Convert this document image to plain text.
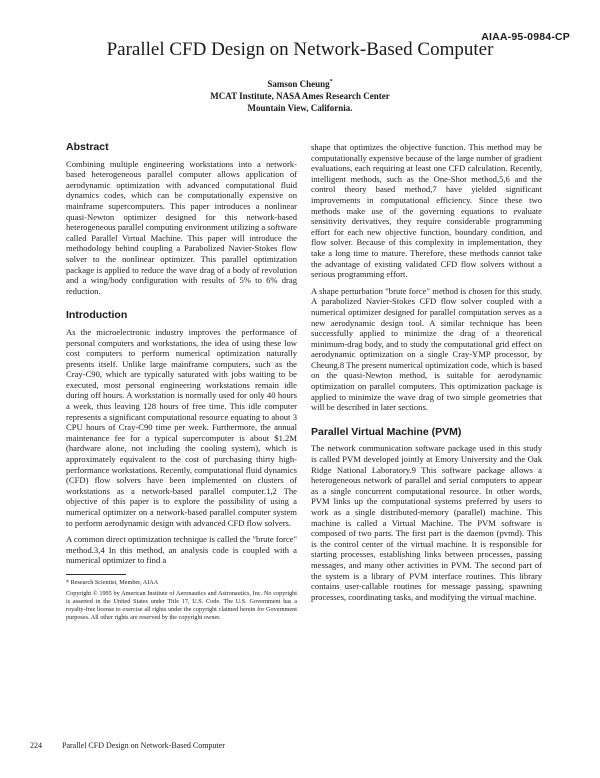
AIAA-95-0984-CP
Parallel CFD Design on Network-Based Computer
Samson Cheung*
MCAT Institute, NASA Ames Research Center
Mountain View, California.
Abstract
Combining multiple engineering workstations into a network-based heterogeneous parallel computer allows application of aerodynamic optimization with advanced computational fluid dynamics codes, which can be computationally expensive on mainframe supercomputers. This paper introduces a nonlinear quasi-Newton optimizer designed for this network-based heterogeneous parallel computing environment utilizing a software called Parallel Virtual Machine. This paper will introduce the methodology behind coupling a Parabolized Navier-Stokes flow solver to the nonlinear optimizer. This parallel optimization package is applied to reduce the wave drag of a body of revolution and a wing/body configuration with results of 5% to 6% drag reduction.
Introduction
As the microelectronic industry improves the performance of personal computers and workstations, the idea of using these low cost computers to perform numerical optimization naturally presents itself. Unlike large mainframe computers, such as the Cray-C90, which are typically saturated with jobs waiting to be executed, most personal engineering workstations remain idle during off hours. A workstation is normally used for only 40 hours a week, thus leaving 128 hours of free time. This idle computer represents a significant computational resource equating to about 3 CPU hours of Cray-C90 time per week. Furthermore, the annual maintenance fee for a typical supercomputer is about $1.2M (hardware alone, not including the cooling system), which is approximately equivalent to the cost of purchasing thirty high-performance workstations. Recently, computational fluid dynamics (CFD) flow solvers have been implemented on clusters of workstations as a network-based parallel computer.1,2 The objective of this paper is to explore the possibility of using a numerical optimizer on a network-based parallel computer system to perform aerodynamic design with advanced CFD flow solvers.
A common direct optimization technique is called the "brute force" method.3,4 In this method, an analysis code is coupled with a numerical optimizer to find a
* Research Scientist, Member, AIAA
Copyright © 1995 by American Institute of Aeronautics and Astronautics, Inc. No copyright is asserted in the United States under Title 17, U.S. Code. The U.S. Government has a royalty-free license to exercise all rights under the copyright claimed herein for Government purposes. All other rights are reserved by the copyright owner.
shape that optimizes the objective function. This method may be computationally expensive because of the large number of gradient evaluations, each requiring at least one CFD calculation. Recently, intelligent methods, such as the One-Shot method,5,6 and the control theory based method,7 have yielded significant improvements in computational efficiency. Since these two methods make use of the governing equations to evaluate sensitivity derivatives, they require considerable programming effort for each new objective function, boundary condition, and flow solver. Because of this complexity in implementation, they take a long time to mature. Therefore, these methods cannot take the advantage of existing validated CFD flow solvers without a serious programming effort.
A shape perturbation "brute force" method is chosen for this study. A parabolized Navier-Stokes CFD flow solver coupled with a numerical optimizer designed for parallel computation serves as a new aerodynamic design tool. A similar technique has been successfully applied to minimize the drag of a theoretical minimum-drag body, and to study the computational grid effect on aerodynamic optimization on a single Cray-YMP processor, by Cheung.8 The present numerical optimization code, which is based on the quasi-Newton method, is suitable for aerodynamic optimization on parallel computers. This optimization package is applied to minimize the wave drag of two simple geometries that will be described in later sections.
Parallel Virtual Machine (PVM)
The network communication software package used in this study is called PVM developed jointly at Emory University and the Oak Ridge National Laboratory.9 This software package allows a heterogeneous network of parallel and serial computers to appear as a single concurrent computational resource. In other words, PVM links up the computational systems preferred by users to work as a single distributed-memory (parallel) machine. This machine is called a Virtual Machine. The PVM software is composed of two parts. The first part is the daemon (pvmd). This is the control center of the virtual machine. It is responsible for starting processes, establishing links between processes, passing messages, and many other activities in PVM. The second part of the system is a library of PVM interface routines. This library contains user-callable routines for message passing, spawning processes, coordinating tasks, and modifying the virtual machine.
224	Parallel CFD Design on Network-Based Computer
